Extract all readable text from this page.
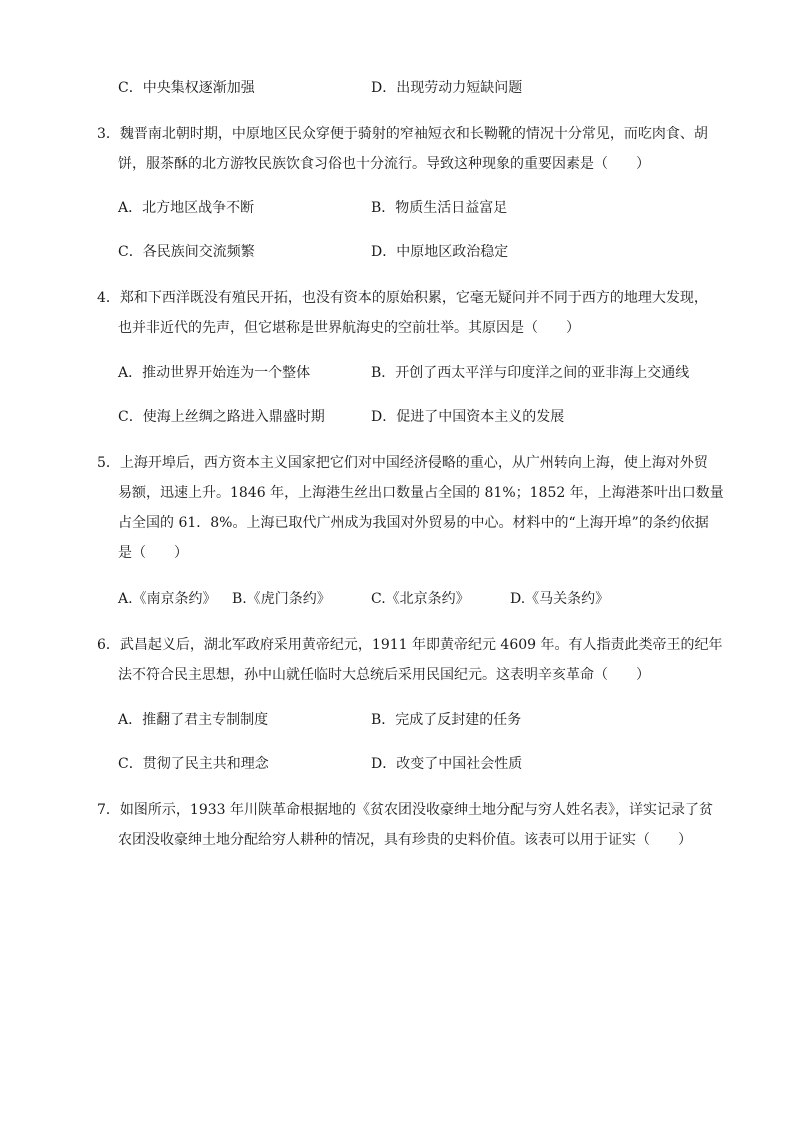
C．中央集权逐渐加强	D．出现劳动力短缺问题
3．魏晋南北朝时期，中原地区民众穿便于骑射的窄袖短衣和长靿靴的情况十分常见，而吃肉食、胡
饼，服茶酥的北方游牧民族饮食习俗也十分流行。导致这种现象的重要因素是（　　）
A．北方地区战争不断	B．物质生活日益富足
C．各民族间交流频繁	D．中原地区政治稳定
4．郑和下西洋既没有殖民开拓，也没有资本的原始积累，它毫无疑问并不同于西方的地理大发现，
也并非近代的先声，但它堪称是世界航海史的空前壮举。其原因是（　　）
A．推动世界开始连为一个整体	B．开创了西太平洋与印度洋之间的亚非海上交通线
C．使海上丝绸之路进入鼎盛时期	D．促进了中国资本主义的发展
5．上海开埠后，西方资本主义国家把它们对中国经济侵略的重心，从广州转向上海，使上海对外贸
易额，迅速上升。1846 年，上海港生丝出口数量占全国的 81%；1852 年，上海港茶叶出口数量
占全国的 61．8%。上海已取代广州成为我国对外贸易的中心。材料中的“上海开埠”的条约依据
是（　　）
A.《南京条约》 B.《虎门条约》	C.《北京条约》	D.《马关条约》
6．武昌起义后，湖北军政府采用黄帝纪元，1911 年即黄帝纪元 4609 年。有人指责此类帝王的纪年
法不符合民主思想，孙中山就任临时大总统后采用民国纪元。这表明辛亥革命（　　）
A．推翻了君主专制制度	B．完成了反封建的任务
C．贯彻了民主共和理念	D．改变了中国社会性质
7．如图所示，1933 年川陕革命根据地的《贫农团没收豪绅土地分配与穷人姓名表》，详实记录了贫
农团没收豪绅土地分配给穷人耕种的情况，具有珍贵的史料价值。该表可以用于证实（　　）
